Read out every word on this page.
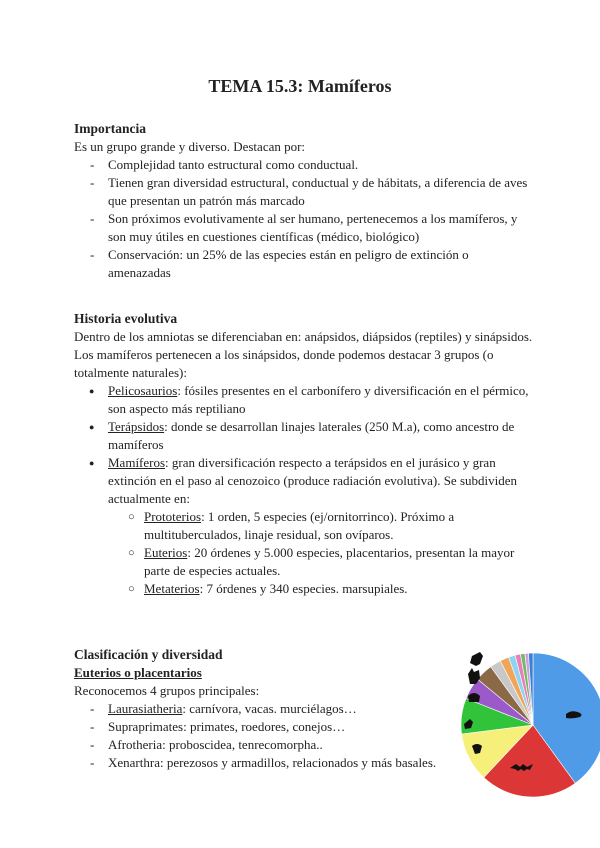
TEMA 15.3: Mamíferos
Importancia

Es un grupo grande y diverso. Destacan por:

- Complejidad tanto estructural como conductual.
- Tienen gran diversidad estructural, conductual y de hábitats, a diferencia de aves que presentan un patrón más marcado
- Son próximos evolutivamente al ser humano, pertenecemos a los mamíferos, y son muy útiles en cuestiones científicas (médico, biológico)
- Conservación: un 25% de las especies están en peligro de extinción o amenazadas
Historia evolutiva

Dentro de los amniotas se diferenciaban en: anápsidos, diápsidos (reptiles) y sinápsidos.

Los mamíferos pertenecen a los sinápsidos, donde podemos destacar 3 grupos (o totalmente naturales):

● Pelicosaurios: fósiles presentes en el carbonífero y diversificación en el pérmico, son aspecto más reptiliano
● Terápsidos: donde se desarrollan linajes laterales (250 M.a), como ancestro de mamíferos
● Mamíferos: gran diversificación respecto a terápsidos en el jurásico y gran extinción en el paso al cenozoico (produce radiación evolutiva). Se subdividen actualmente en:
○ Prototerios: 1 orden, 5 especies (ej/ornitorrinco). Próximo a multituberculados, linaje residual, son ovíparos.
○ Euterios: 20 órdenes y 5.000 especies, placentarios, presentan la mayor parte de especies actuales.
○ Metaterios: 7 órdenes y 340 especies. marsupiales.
Clasificación y diversidad
Euterios o placentarios

Reconocemos 4 grupos principales:

- Laurasiatheria: carnívora, vacas. murciélagos…
- Supraprimates: primates, roedores, conejos…
- Afrotheria: proboscidea, tenrecomorpha..
- Xenarthra: perezosos y armadillos, relacionados y más basales.
